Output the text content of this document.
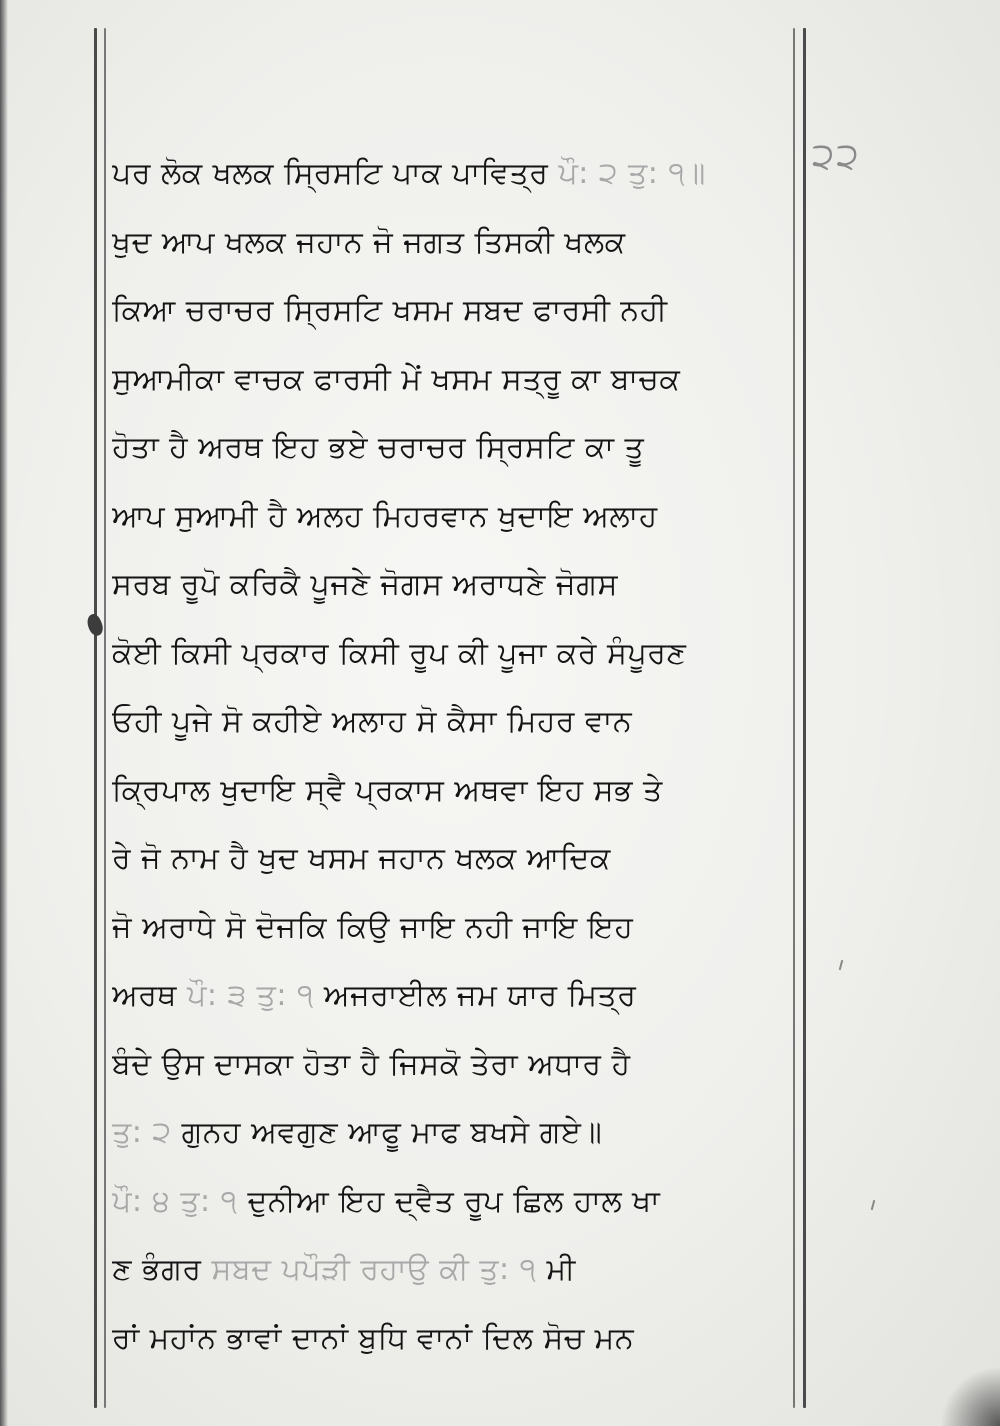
੨੨
ਪਰ ਲੋਕ ਖਲਕ ਸ੍ਰਿਸਟਿ ਪਾਕ ਪਾਵਿਤ੍ਰ ਪੌ: ੨ ਤੁ: ੧॥
ਖੁਦ ਆਪ ਖਲਕ ਜਹਾਨ ਜੋ ਜਗਤ ਤਿਸਕੀ ਖਲਕ
ਕਿਆ ਚਰਾਚਰ ਸ੍ਰਿਸਟਿ ਖਸਮ ਸਬਦ ਫਾਰਸੀ ਨਹੀ
ਸੁਆਮੀਕਾ ਵਾਚਕ ਫਾਰਸੀ ਮੇਂ ਖਸਮ ਸਤ੍ਰੂ ਕਾ ਬਾਚਕ
ਹੋਤਾ ਹੈ ਅਰਥ ਇਹ ਭਏ ਚਰਾਚਰ ਸ੍ਰਿਸਟਿ ਕਾ ਤੂ
ਆਪ ਸੁਆਮੀ ਹੈ ਅਲਹ ਮਿਹਰਵਾਨ ਖੁਦਾਇ ਅਲਾਹ
ਸਰਬ ਰੂਪੋ ਕਰਿਕੈ ਪੂਜਣੇ ਜੋਗਸ ਅਰਾਧਣੇ ਜੋਗਸ
ਕੋਈ ਕਿਸੀ ਪ੍ਰਕਾਰ ਕਿਸੀ ਰੂਪ ਕੀ ਪੂਜਾ ਕਰੇ ਸੰਪੂਰਣ
ਓਹੀ ਪੂਜੇ ਸੋ ਕਹੀਏ ਅਲਾਹ ਸੋ ਕੈਸਾ ਮਿਹਰ ਵਾਨ
ਕ੍ਰਿਪਾਲ ਖੁਦਾਇ ਸ੍ਵੈ ਪ੍ਰਕਾਸ ਅਥਵਾ ਇਹ ਸਭ ਤੇ
ਰੇ ਜੋ ਨਾਮ ਹੈ ਖੁਦ ਖਸਮ ਜਹਾਨ ਖਲਕ ਆਦਿਕ
ਜੋ ਅਰਾਧੇ ਸੋ ਦੋਜਕਿ ਕਿਉ ਜਾਇ ਨਹੀ ਜਾਇ ਇਹ
ਅਰਥ ਪੌ: ੩ ਤੁ: ੧ ਅਜਰਾਈਲ ਜਮ ਯਾਰ ਮਿਤ੍ਰ
ਬੰਦੇ ਉਸ ਦਾਸਕਾ ਹੋਤਾ ਹੈ ਜਿਸਕੋ ਤੇਰਾ ਅਧਾਰ ਹੈ
ਤੁ: ੨ ਗੁਨਹ ਅਵਗੁਣ ਆਫੂ ਮਾਫ ਬਖਸੇ ਗਏ॥
ਪੌ: ੪ ਤੁ: ੧ ਦੁਨੀਆ ਇਹ ਦ੍ਵੈਤ ਰੂਪ ਛਿਲ ਹਾਲ ਖਾ
ਣ ਭੰਗਰ ਸਬਦ ਪਪੌੜੀ ਰਹਾਉ ਕੀ ਤੁ: ੧ ਮੀ
ਰਾਂ ਮਹਾਂਨ ਭਾਵਾਂ ਦਾਨਾਂ ਬੁਧਿ ਵਾਨਾਂ ਦਿਲ ਸੋਚ ਮਨ
